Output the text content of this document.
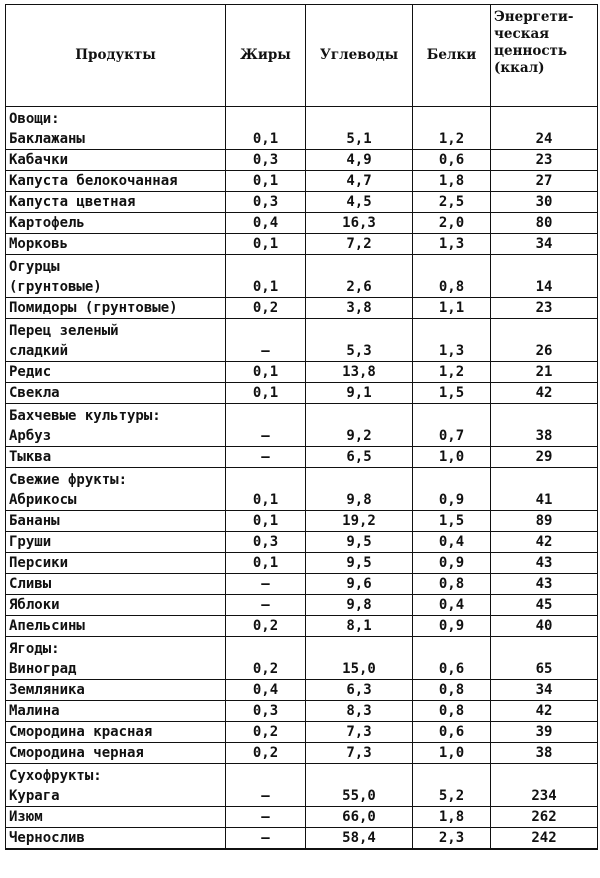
Продукты	Жиры	Углеводы	Белки	Энергети-
ческая
ценность
(ккал)

Овощи:
Баклажаны	0,1	5,1	1,2	24

Кабачки	0,3	4,9	0,6	23

Капуста белокочанная	0,1	4,7	1,8	27

Капуста цветная	0,3	4,5	2,5	30

Картофель	0,4	16,3	2,0	80

Морковь	0,1	7,2	1,3	34

Огурцы
(грунтовые)	0,1	2,6	0,8	14

Помидоры (грунтовые)	0,2	3,8	1,1	23

Перец зеленый
сладкий	—	5,3	1,3	26

Редис	0,1	13,8	1,2	21

Свекла	0,1	9,1	1,5	42

Бахчевые культуры:
Арбуз	—	9,2	0,7	38

Тыква	—	6,5	1,0	29

Свежие фрукты:
Абрикосы	0,1	9,8	0,9	41

Бананы	0,1	19,2	1,5	89

Груши	0,3	9,5	0,4	42

Персики	0,1	9,5	0,9	43

Сливы	—	9,6	0,8	43

Яблоки	—	9,8	0,4	45

Апельсины	0,2	8,1	0,9	40

Ягоды:
Виноград	0,2	15,0	0,6	65

Земляника	0,4	6,3	0,8	34

Малина	0,3	8,3	0,8	42

Смородина красная	0,2	7,3	0,6	39

Смородина черная	0,2	7,3	1,0	38

Сухофрукты:
Курага	—	55,0	5,2	234

Изюм	—	66,0	1,8	262

Чернослив	—	58,4	2,3	242
